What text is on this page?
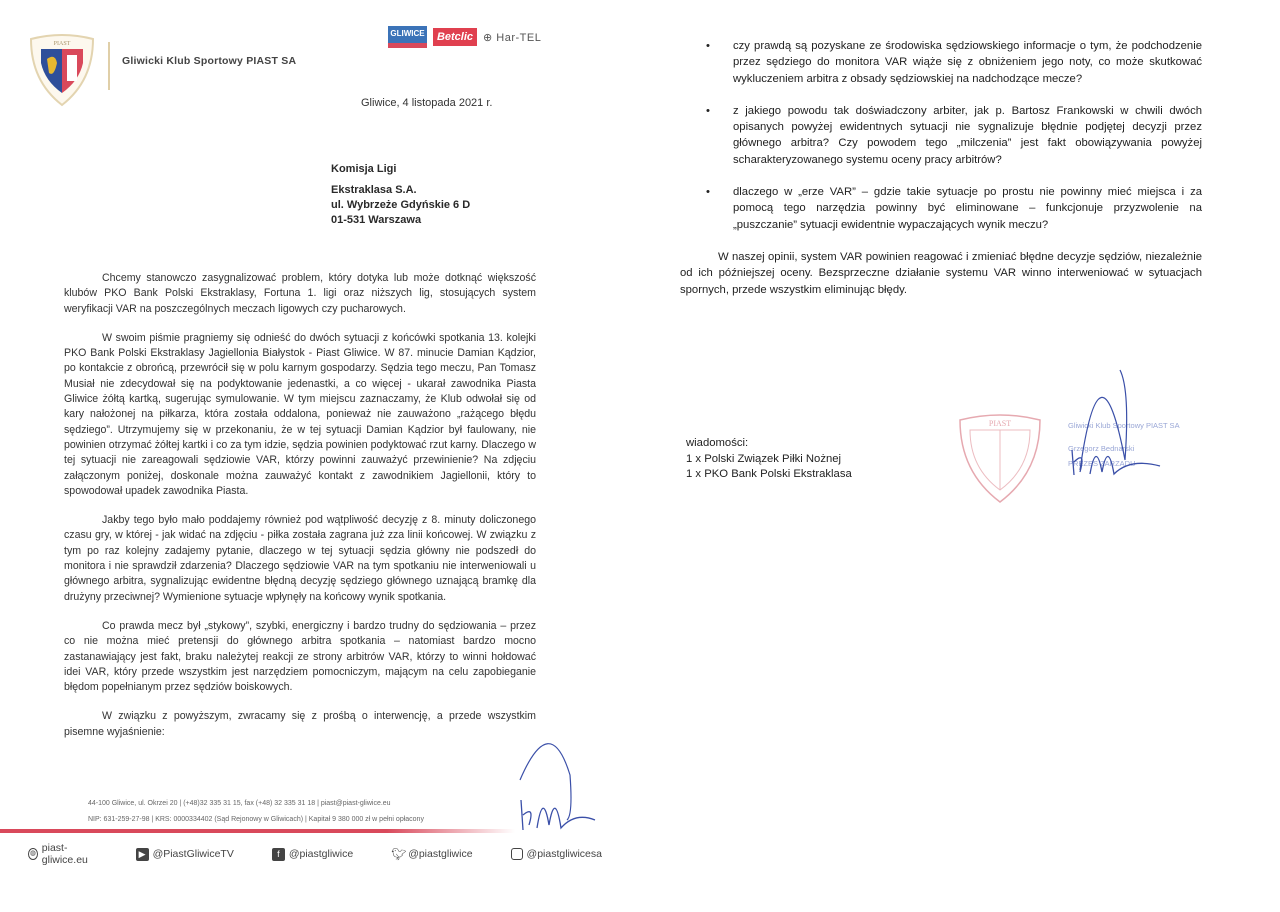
PIAST
Gliwicki Klub Sportowy PIAST SA
GLIWICE	Betclic ⊕ Har-TEL
Gliwice, 4 listopada 2021 r.
Komisja Ligi
Ekstraklasa S.A.
ul. Wybrzeże Gdyńskie 6 D
01-531 Warszawa

Chcemy stanowczo zasygnalizować problem, który dotyka lub może dotknąć większość klubów PKO Bank Polski Ekstraklasy, Fortuna 1. ligi oraz niższych lig, stosujących system weryfikacji VAR na poszczególnych meczach ligowych czy pucharowych.

W swoim piśmie pragniemy się odnieść do dwóch sytuacji z końcówki spotkania 13. kolejki PKO Bank Polski Ekstraklasy Jagiellonia Białystok - Piast Gliwice. W 87. minucie Damian Kądzior, po kontakcie z obrońcą, przewrócił się w polu karnym gospodarzy. Sędzia tego meczu, Pan Tomasz Musiał nie zdecydował się na podyktowanie jedenastki, a co więcej - ukarał zawodnika Piasta Gliwice żółtą kartką, sugerując symulowanie. W tym miejscu zaznaczamy, że Klub odwołał się od kary nałożonej na piłkarza, która została oddalona, ponieważ nie zauważono „rażącego błędu sędziego”. Utrzymujemy się w przekonaniu, że w tej sytuacji Damian Kądzior był faulowany, nie powinien otrzymać żółtej kartki i co za tym idzie, sędzia powinien podyktować rzut karny. Dlaczego w tej sytuacji nie zareagowali sędziowie VAR, którzy powinni zauważyć przewinienie? Na zdjęciu załączonym poniżej, doskonale można zauważyć kontakt z zawodnikiem Jagiellonii, który to spowodował upadek zawodnika Piasta.

Jakby tego było mało poddajemy również pod wątpliwość decyzję z 8. minuty doliczonego czasu gry, w której - jak widać na zdjęciu - piłka została zagrana już zza linii końcowej. W związku z tym po raz kolejny zadajemy pytanie, dlaczego w tej sytuacji sędzia główny nie podszedł do monitora i nie sprawdził zdarzenia? Dlaczego sędziowie VAR na tym spotkaniu nie interweniowali u głównego arbitra, sygnalizując ewidentne błędną decyzję sędziego głównego uznającą bramkę dla drużyny przeciwnej? Wymienione sytuacje wpłynęły na końcowy wynik spotkania.

Co prawda mecz był „stykowy”, szybki, energiczny i bardzo trudny do sędziowania – przez co nie można mieć pretensji do głównego arbitra spotkania – natomiast bardzo mocno zastanawiający jest fakt, braku należytej reakcji ze strony arbitrów VAR, którzy to winni hołdować idei VAR, który przede wszystkim jest narzędziem pomocniczym, mającym na celu zapobieganie błędom popełnianym przez sędziów boiskowych.

W związku z powyższym, zwracamy się z prośbą o interwencję, a przede wszystkim pisemne wyjaśnienie:

44-100 Gliwice, ul. Okrzei 20 | (+48)32 335 31 15, fax (+48) 32 335 31 18 | piast@piast-gliwice.eu
NIP: 631-259-27-98 | KRS: 0000334402 (Sąd Rejonowy w Gliwicach) | Kapitał 9 380 000 zł w pełni opłacony
◍ piast-gliwice.eu
▶ @PiastGliwiceTV	f @piastgliwice	🐦︎ @piastgliwice	@piastgliwicesa
• czy prawdą są pozyskane ze środowiska sędziowskiego informacje o tym, że podchodzenie przez sędziego do monitora VAR wiąże się z obniżeniem jego noty, co może skutkować wykluczeniem arbitra z obsady sędziowskiej na nadchodzące mecze?
• z jakiego powodu tak doświadczony arbiter, jak p. Bartosz Frankowski w chwili dwóch opisanych powyżej ewidentnych sytuacji nie sygnalizuje błędnie podjętej decyzji przez głównego arbitra? Czy powodem tego „milczenia” jest fakt obowiązywania powyżej scharakteryzowanego systemu oceny pracy arbitrów?
• dlaczego w „erze VAR” – gdzie takie sytuacje po prostu nie powinny mieć miejsca i za pomocą tego narzędzia powinny być eliminowane – funkcjonuje przyzwolenie na „puszczanie” sytuacji ewidentnie wypaczających wynik meczu?

W naszej opinii, system VAR powinien reagować i zmieniać błędne decyzje sędziów, niezależnie od ich późniejszej oceny. Bezsprzeczne działanie systemu VAR winno interweniować w sytuacjach spornych, przede wszystkim eliminując błędy.

wiadomości:
1 x Polski Związek Piłki Nożnej
1 x PKO Bank Polski Ekstraklasa
PIAST	Gliwicki Klub Sportowy PIAST SA
Grzegorz Bednarski
PREZES ZARZĄDU
